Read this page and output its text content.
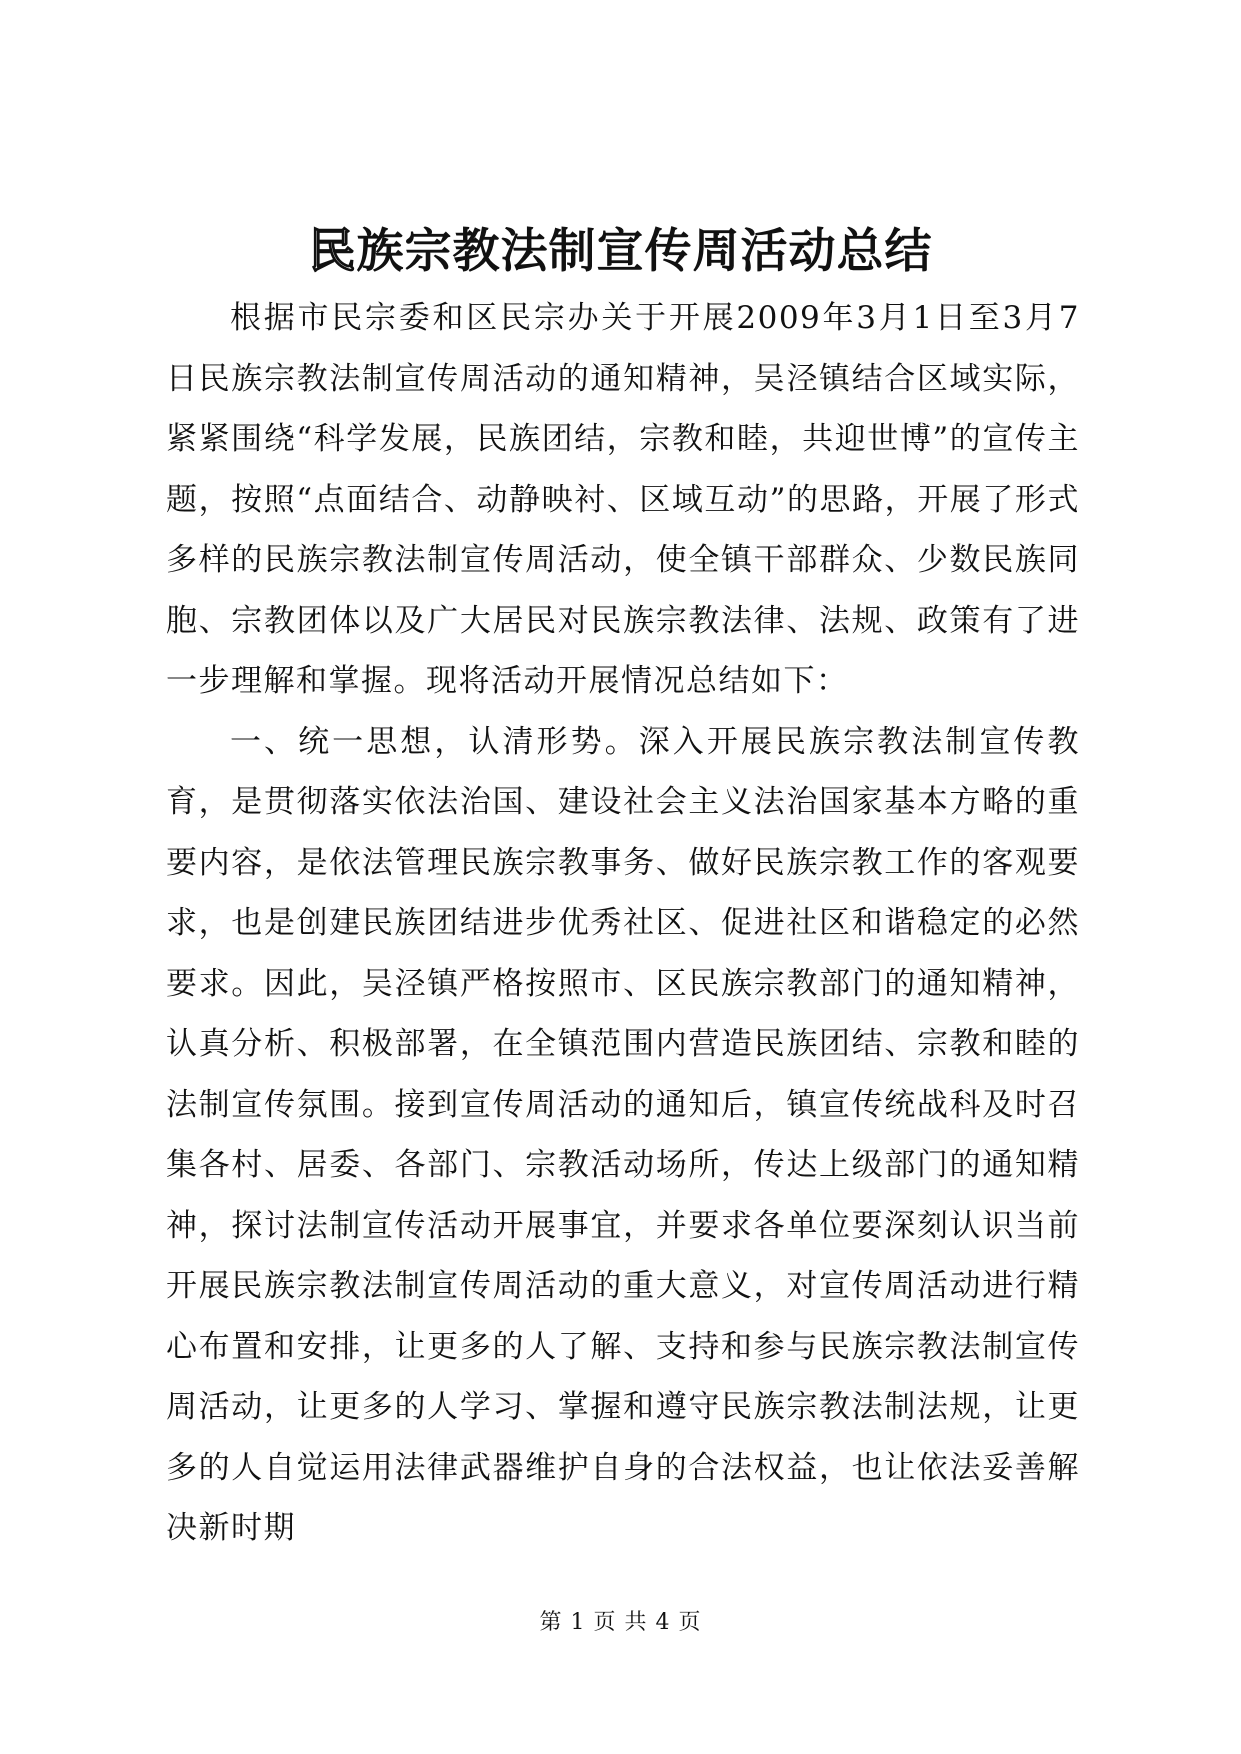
民族宗教法制宣传周活动总结

根据市民宗委和区民宗办关于开展2009年3月1日至3月7日民族宗教法制宣传周活动的通知精神，吴泾镇结合区域实际，紧紧围绕“科学发展，民族团结，宗教和睦，共迎世博”的宣传主题，按照“点面结合、动静映衬、区域互动”的思路，开展了形式多样的民族宗教法制宣传周活动，使全镇干部群众、少数民族同胞、宗教团体以及广大居民对民族宗教法律、法规、政策有了进一步理解和掌握。现将活动开展情况总结如下：

一、统一思想，认清形势。深入开展民族宗教法制宣传教育，是贯彻落实依法治国、建设社会主义法治国家基本方略的重要内容，是依法管理民族宗教事务、做好民族宗教工作的客观要求，也是创建民族团结进步优秀社区、促进社区和谐稳定的必然要求。因此，吴泾镇严格按照市、区民族宗教部门的通知精神，认真分析、积极部署，在全镇范围内营造民族团结、宗教和睦的法制宣传氛围。接到宣传周活动的通知后，镇宣传统战科及时召集各村、居委、各部门、宗教活动场所，传达上级部门的通知精神，探讨法制宣传活动开展事宜，并要求各单位要深刻认识当前开展民族宗教法制宣传周活动的重大意义，对宣传周活动进行精心布置和安排，让更多的人了解、支持和参与民族宗教法制宣传周活动，让更多的人学习、掌握和遵守民族宗教法制法规，让更多的人自觉运用法律武器维护自身的合法权益，也让依法妥善解决新时期

第 1 页 共 4 页
